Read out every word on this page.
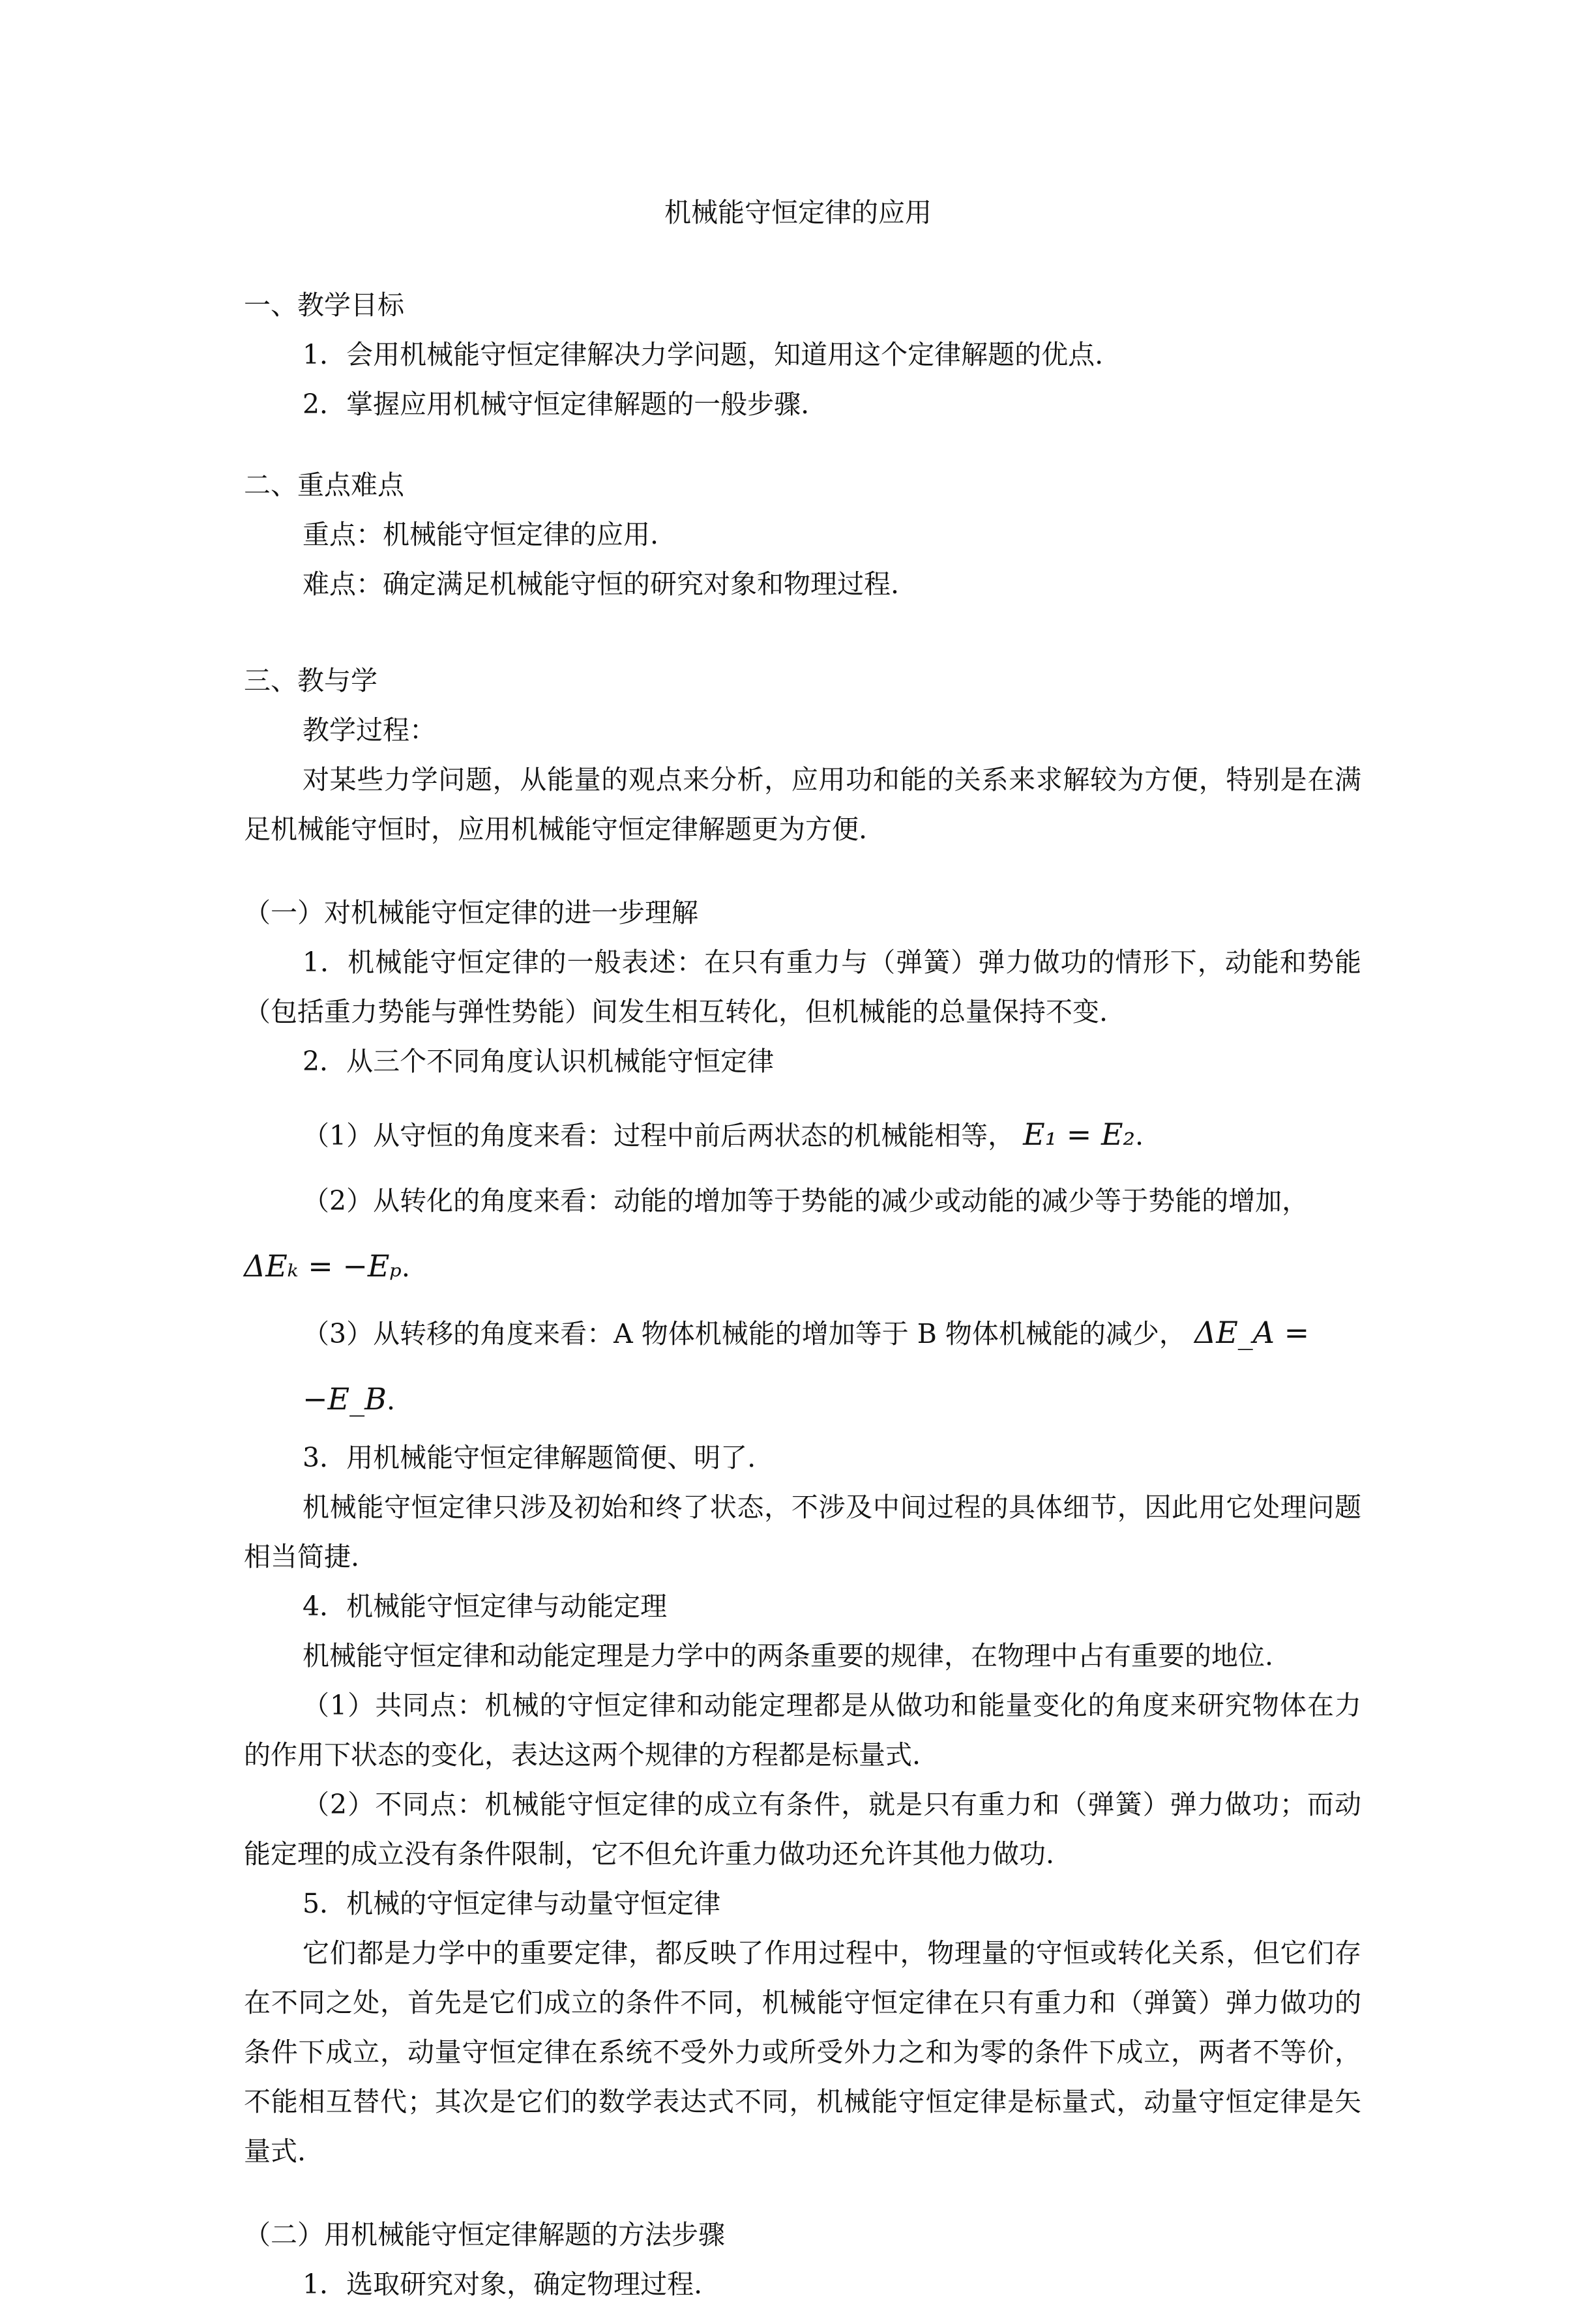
机械能守恒定律的应用

一、教学目标

1．会用机械能守恒定律解决力学问题，知道用这个定律解题的优点.

2．掌握应用机械守恒定律解题的一般步骤.

二、重点难点

重点：机械能守恒定律的应用.

难点：确定满足机械能守恒的研究对象和物理过程.

三、教与学

教学过程：

对某些力学问题，从能量的观点来分析，应用功和能的关系来求解较为方便，特别是在满足机械能守恒时，应用机械能守恒定律解题更为方便.

（一）对机械能守恒定律的进一步理解

1．机械能守恒定律的一般表述：在只有重力与（弹簧）弹力做功的情形下，动能和势能（包括重力势能与弹性势能）间发生相互转化，但机械能的总量保持不变.

2．从三个不同角度认识机械能守恒定律

（1）从守恒的角度来看：过程中前后两状态的机械能相等， E₁ = E₂.

（2）从转化的角度来看：动能的增加等于势能的减少或动能的减少等于势能的增加，

ΔEₖ = −Eₚ.

（3）从转移的角度来看：A 物体机械能的增加等于 B 物体机械能的减少， ΔE_A = −E_B.

3．用机械能守恒定律解题简便、明了.

机械能守恒定律只涉及初始和终了状态，不涉及中间过程的具体细节，因此用它处理问题相当简捷.

4．机械能守恒定律与动能定理

机械能守恒定律和动能定理是力学中的两条重要的规律，在物理中占有重要的地位.

（1）共同点：机械的守恒定律和动能定理都是从做功和能量变化的角度来研究物体在力的作用下状态的变化，表达这两个规律的方程都是标量式.

（2）不同点：机械能守恒定律的成立有条件，就是只有重力和（弹簧）弹力做功；而动能定理的成立没有条件限制，它不但允许重力做功还允许其他力做功.

5．机械的守恒定律与动量守恒定律

它们都是力学中的重要定律，都反映了作用过程中，物理量的守恒或转化关系，但它们存在不同之处，首先是它们成立的条件不同，机械能守恒定律在只有重力和（弹簧）弹力做功的条件下成立，动量守恒定律在系统不受外力或所受外力之和为零的条件下成立，两者不等价，不能相互替代；其次是它们的数学表达式不同，机械能守恒定律是标量式，动量守恒定律是矢量式.

（二）用机械能守恒定律解题的方法步骤

1．选取研究对象，确定物理过程.
